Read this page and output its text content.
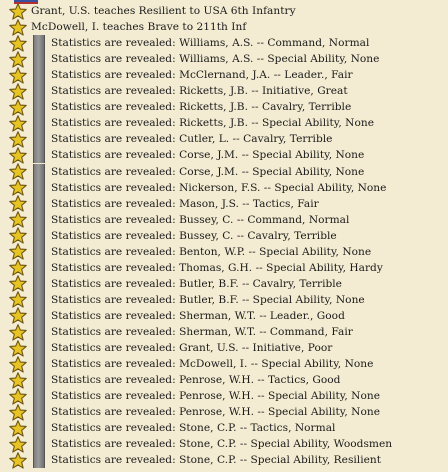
Grant, U.S. teaches Resilient to USA 6th Infantry
McDowell, I. teaches Brave to 211th Inf
Statistics are revealed: Williams, A.S. -- Command, Normal
Statistics are revealed: Williams, A.S. -- Special Ability, None
Statistics are revealed: McClernand, J.A. -- Leader., Fair
Statistics are revealed: Ricketts, J.B. -- Initiative, Great
Statistics are revealed: Ricketts, J.B. -- Cavalry, Terrible
Statistics are revealed: Ricketts, J.B. -- Special Ability, None
Statistics are revealed: Cutler, L. -- Cavalry, Terrible
Statistics are revealed: Corse, J.M. -- Special Ability, None
Statistics are revealed: Corse, J.M. -- Special Ability, None
Statistics are revealed: Nickerson, F.S. -- Special Ability, None
Statistics are revealed: Mason, J.S. -- Tactics, Fair
Statistics are revealed: Bussey, C. -- Command, Normal
Statistics are revealed: Bussey, C. -- Cavalry, Terrible
Statistics are revealed: Benton, W.P. -- Special Ability, None
Statistics are revealed: Thomas, G.H. -- Special Ability, Hardy
Statistics are revealed: Butler, B.F. -- Cavalry, Terrible
Statistics are revealed: Butler, B.F. -- Special Ability, None
Statistics are revealed: Sherman, W.T. -- Leader., Good
Statistics are revealed: Sherman, W.T. -- Command, Fair
Statistics are revealed: Grant, U.S. -- Initiative, Poor
Statistics are revealed: McDowell, I. -- Special Ability, None
Statistics are revealed: Penrose, W.H. -- Tactics, Good
Statistics are revealed: Penrose, W.H. -- Special Ability, None
Statistics are revealed: Penrose, W.H. -- Special Ability, None
Statistics are revealed: Stone, C.P. -- Tactics, Normal
Statistics are revealed: Stone, C.P. -- Special Ability, Woodsmen
Statistics are revealed: Stone, C.P. -- Special Ability, Resilient
